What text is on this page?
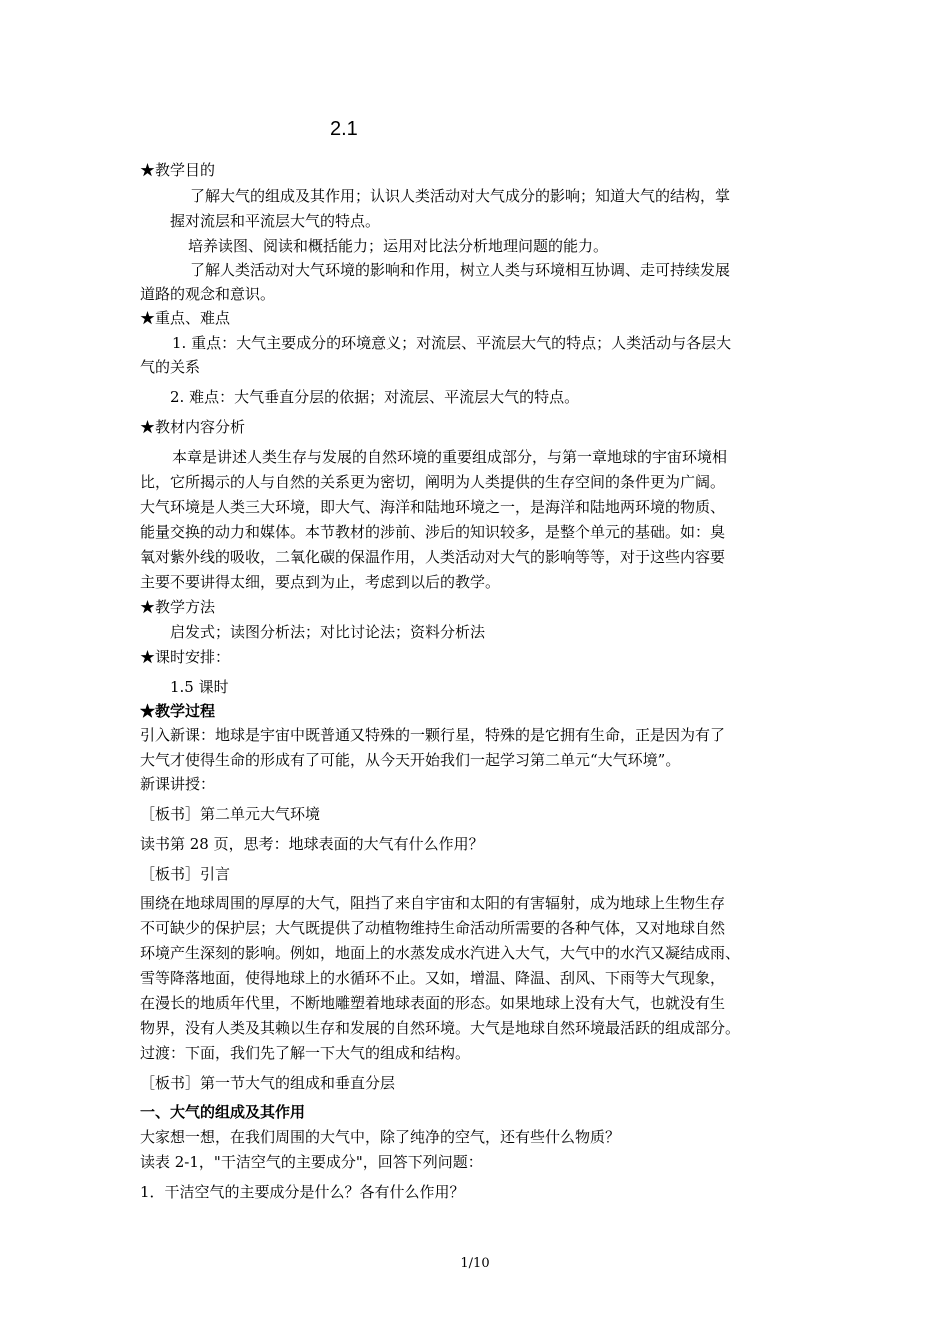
2.1
★教学目的
了解大气的组成及其作用；认识人类活动对大气成分的影响；知道大气的结构，掌
握对流层和平流层大气的特点。
培养读图、阅读和概括能力；运用对比法分析地理问题的能力。
了解人类活动对大气环境的影响和作用，树立人类与环境相互协调、走可持续发展
道路的观念和意识。
★重点、难点
1. 重点：大气主要成分的环境意义；对流层、平流层大气的特点；人类活动与各层大
气的关系
2. 难点：大气垂直分层的依据；对流层、平流层大气的特点。
★教材内容分析
本章是讲述人类生存与发展的自然环境的重要组成部分，与第一章地球的宇宙环境相
比，它所揭示的人与自然的关系更为密切，阐明为人类提供的生存空间的条件更为广阔。
大气环境是人类三大环境，即大气、海洋和陆地环境之一，是海洋和陆地两环境的物质、
能量交换的动力和媒体。本节教材的涉前、涉后的知识较多，是整个单元的基础。如：臭
氧对紫外线的吸收，二氧化碳的保温作用，人类活动对大气的影响等等，对于这些内容要
主要不要讲得太细，要点到为止，考虑到以后的教学。
★教学方法
启发式；读图分析法；对比讨论法；资料分析法
★课时安排：
1.5 课时
★教学过程
引入新课：地球是宇宙中既普通又特殊的一颗行星，特殊的是它拥有生命，正是因为有了
大气才使得生命的形成有了可能，从今天开始我们一起学习第二单元“大气环境”。
新课讲授：
［板书］第二单元大气环境
读书第 28 页，思考：地球表面的大气有什么作用？
［板书］引言
围绕在地球周围的厚厚的大气，阻挡了来自宇宙和太阳的有害辐射，成为地球上生物生存
不可缺少的保护层；大气既提供了动植物维持生命活动所需要的各种气体，又对地球自然
环境产生深刻的影响。例如，地面上的水蒸发成水汽进入大气，大气中的水汽又凝结成雨、
雪等降落地面，使得地球上的水循环不止。又如，增温、降温、刮风、下雨等大气现象，
在漫长的地质年代里，不断地雕塑着地球表面的形态。如果地球上没有大气，也就没有生
物界，没有人类及其赖以生存和发展的自然环境。大气是地球自然环境最活跃的组成部分。
过渡：下面，我们先了解一下大气的组成和结构。
［板书］第一节大气的组成和垂直分层
一、大气的组成及其作用
大家想一想，在我们周围的大气中，除了纯净的空气，还有些什么物质？
读表 2-1，"干洁空气的主要成分"，回答下列问题：
1．干洁空气的主要成分是什么？各有什么作用？
1/10
